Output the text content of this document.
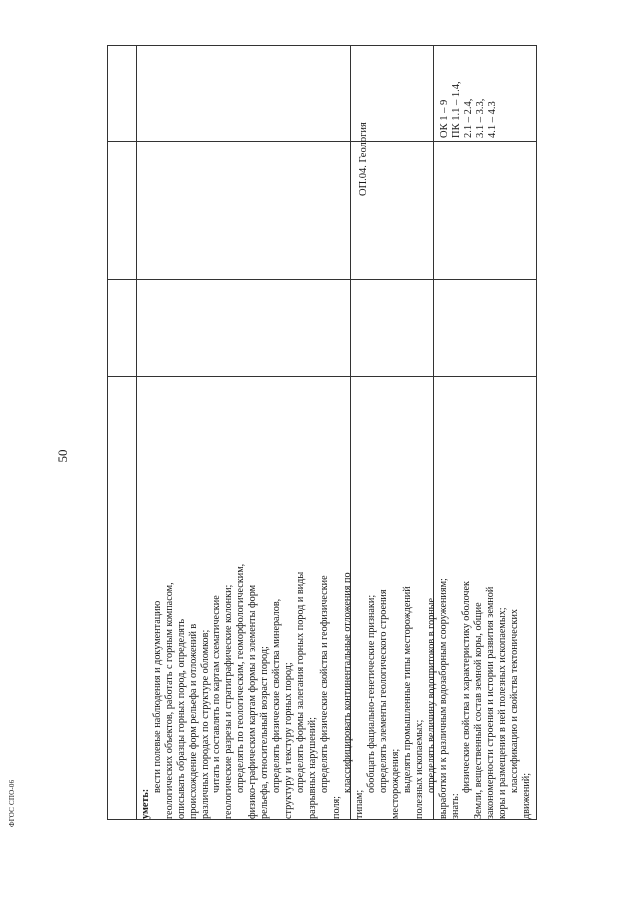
50
ФГОС СПО-06	уметь:
вести полевые наблюдения и документацию геологических объектов, работать с горным компасом, описывать образцы горных пород, определять происхождение форм рельефа и отложений в различных породах по структуре обломков; читать и составлять по картам схематические геологические разрезы и стратиграфические колонки; определять по геологическим, геоморфологическим, физико-графическим картам формы и элементы форм рельефа, относительный возраст пород; определять физические свойства минералов, структуру и текстуру горных пород; определять формы залегания горных пород и виды разрывных нарушений; определять физические свойства и геофизические
поля;
классифицировать континентальные отложения по
типам;
обобщать фациально-генетические признаки; определять элементы геологического строения месторождения; выделять промышленные типы месторождений полезных ископаемых; определять величину водопритоков в горные выработки и к различным водозаборным сооружениям; знать:
физические свойства и характеристику оболочек Земли, вещественный состав земной коры, общие закономерности строения и истории развития земной коры и размещения в ней полезных ископаемых; классификацию и свойства тектонических
движений;
ОП.04. Геология
ОК 1 – 9 ПК 1.1 – 1.4, 2.1 – 2.4, 3.1 – 3.3, 4.1 – 4.3
